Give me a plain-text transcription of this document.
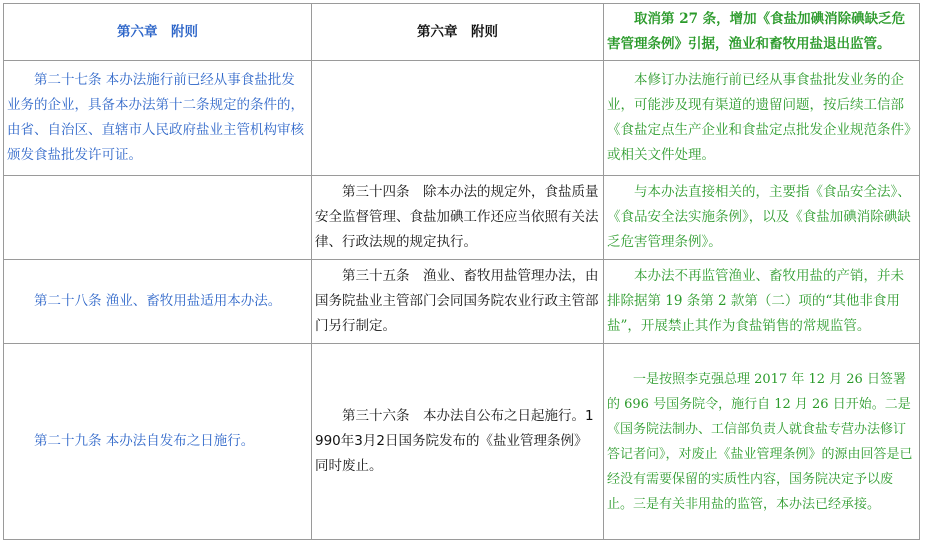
第六章　附则	第六章　附则	取消第 27 条，增加《食盐加碘消除碘缺乏危害管理条例》引据，渔业和畜牧用盐退出监管。
第二十七条 本办法施行前已经从事食盐批发业务的企业，具备本办法第十二条规定的条件的，由省、自治区、直辖市人民政府盐业主管机构审核颁发食盐批发许可证。		本修订办法施行前已经从事食盐批发业务的企业，可能涉及现有渠道的遗留问题，按后续工信部《食盐定点生产企业和食盐定点批发企业规范条件》或相关文件处理。
	第三十四条　除本办法的规定外，食盐质量安全监督管理、食盐加碘工作还应当依照有关法律、行政法规的规定执行。	与本办法直接相关的，主要指《食品安全法》、《食品安全法实施条例》，以及《食盐加碘消除碘缺乏危害管理条例》。
第二十八条 渔业、畜牧用盐适用本办法。	第三十五条　渔业、畜牧用盐管理办法，由国务院盐业主管部门会同国务院农业行政主管部门另行制定。	本办法不再监管渔业、畜牧用盐的产销，并未排除据第 19 条第 2 款第（二）项的“其他非食用盐”，开展禁止其作为食盐销售的常规监管。
第二十九条 本办法自发布之日施行。	第三十六条　本办法自公布之日起施行。1990年3月2日国务院发布的《盐业管理条例》同时废止。	一是按照李克强总理 2017 年 12 月 26 日签署的 696 号国务院令，施行自 12 月 26 日开始。二是《国务院法制办、工信部负责人就食盐专营办法修订答记者问》，对废止《盐业管理条例》的源由回答是已经没有需要保留的实质性内容，国务院决定予以废止。三是有关非用盐的监管，本办法已经承接。
